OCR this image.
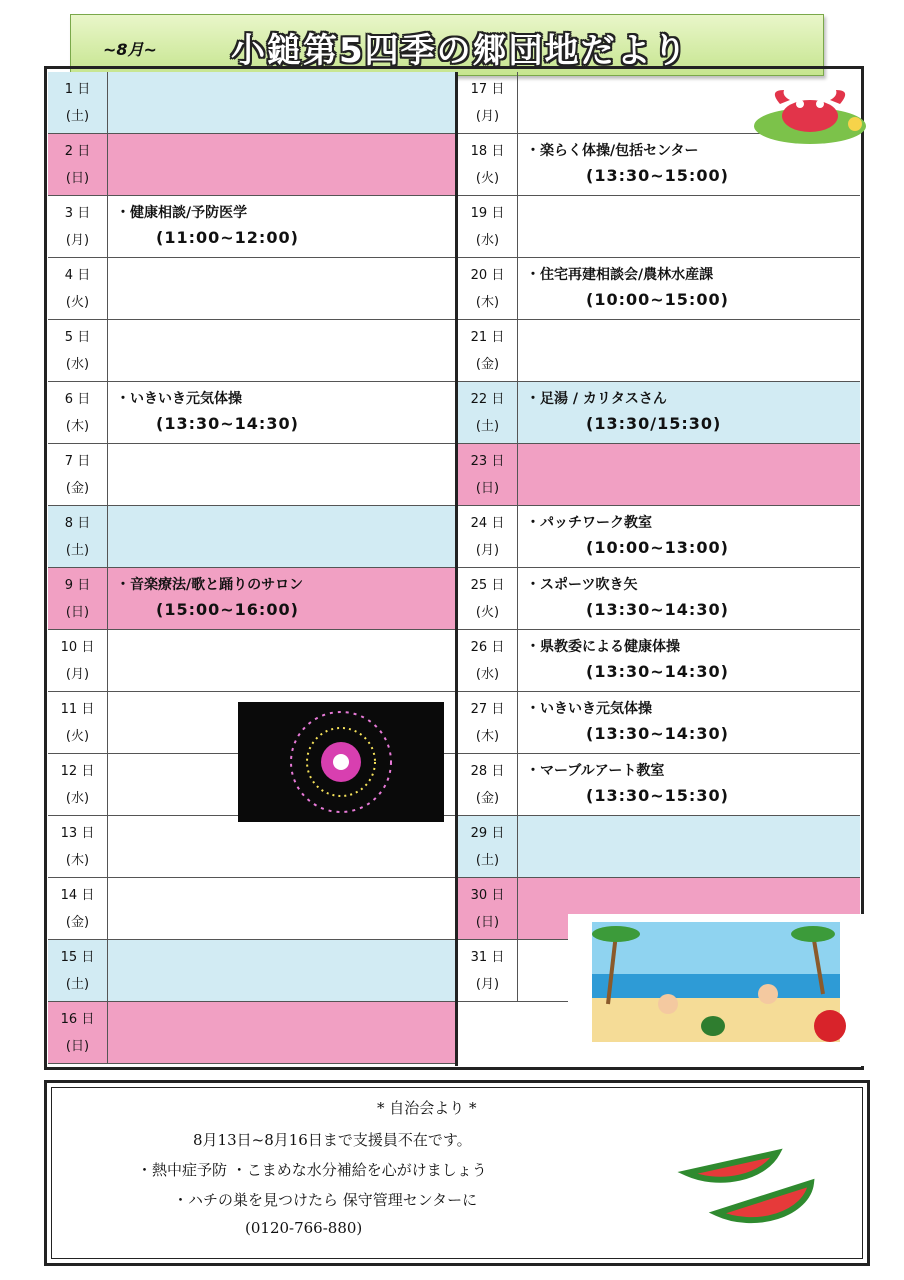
~8月~ 小鎚第5四季の郷団地だより
1 日
(土)
2 日
(日)
3 日
(月)
・健康相談/予防医学
(11:00~12:00)
4 日
(火)
5 日
(水)
6 日
(木)
・いきいき元気体操
(13:30~14:30)
7 日
(金)
8 日
(土)
9 日
(日)
・音楽療法/歌と踊りのサロン
(15:00~16:00)
10 日
(月)
11 日
(火)
12 日
(水)
13 日
(木)
14 日
(金)
15 日
(土)
16 日
(日)
17 日
(月)
18 日
(火)
・楽らく体操/包括センター
(13:30~15:00)
19 日
(水)
20 日
(木)
・住宅再建相談会/農林水産課
(10:00~15:00)
21 日
(金)
22 日
(土)
・足湯 / カリタスさん
(13:30/15:30)
23 日
(日)
24 日
(月)
・パッチワーク教室
(10:00~13:00)
25 日
(火)
・スポーツ吹き矢
(13:30~14:30)
26 日
(水)
・県教委による健康体操
(13:30~14:30)
27 日
(木)
・いきいき元気体操
(13:30~14:30)
28 日
(金)
・マーブルアート教室
(13:30~15:30)
29 日
(土)
30 日
(日)
31 日
(月)

* 自治会より *

8月13日~8月16日まで支援員不在です。

・熱中症予防 ・こまめな水分補給を心がけましょう

・ハチの巣を見つけたら 保守管理センターに

(0120-766-880)
